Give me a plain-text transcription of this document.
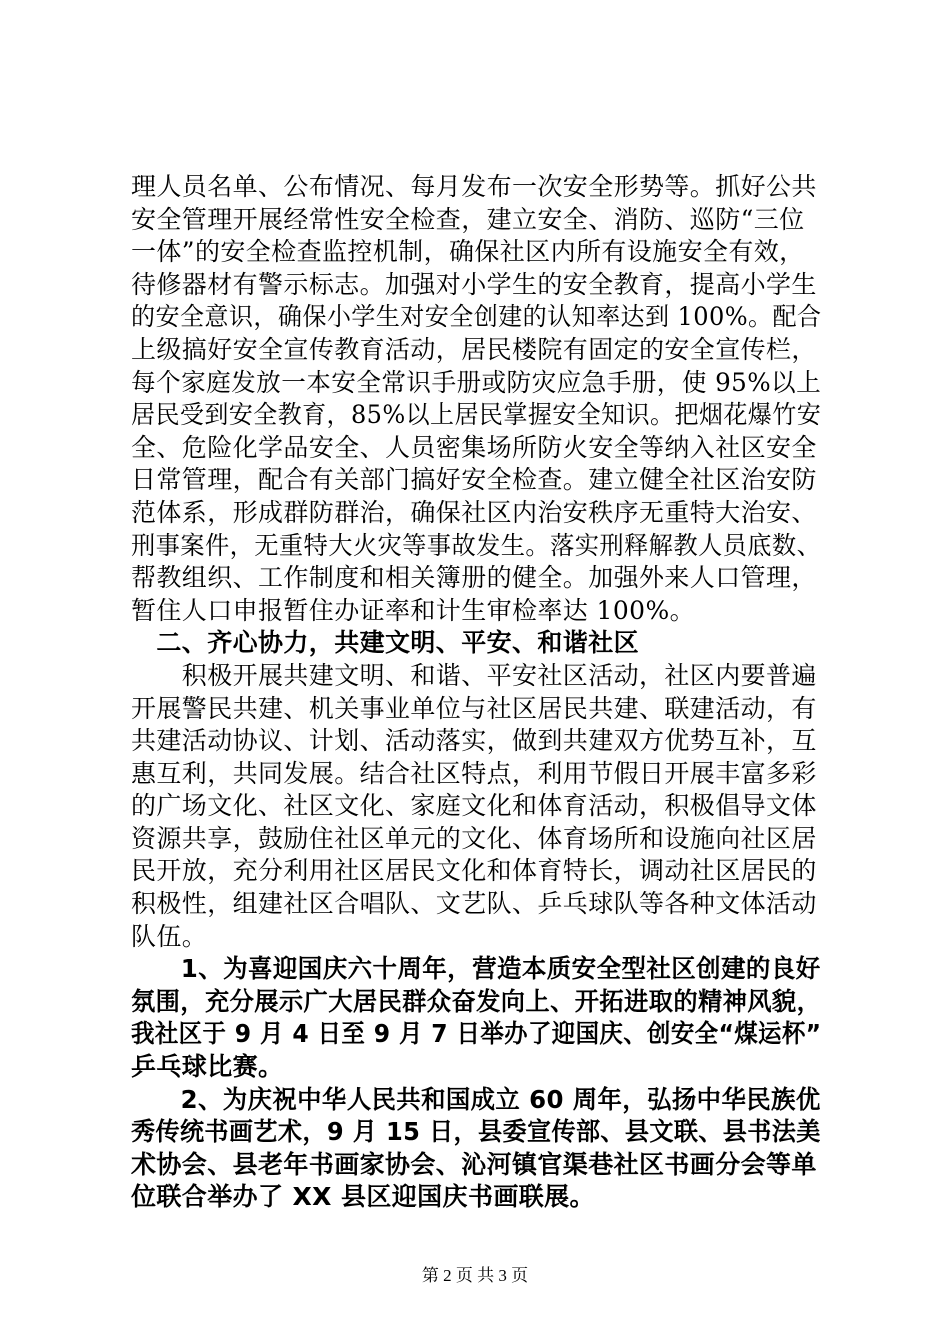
理人员名单、公布情况、每月发布一次安全形势等。抓好公共
安全管理开展经常性安全检查，建立安全、消防、巡防“三位
一体”的安全检查监控机制，确保社区内所有设施安全有效，
待修器材有警示标志。加强对小学生的安全教育，提高小学生
的安全意识，确保小学生对安全创建的认知率达到 100%。配合
上级搞好安全宣传教育活动，居民楼院有固定的安全宣传栏，
每个家庭发放一本安全常识手册或防灾应急手册，使 95%以上
居民受到安全教育，85%以上居民掌握安全知识。把烟花爆竹安
全、危险化学品安全、人员密集场所防火安全等纳入社区安全
日常管理，配合有关部门搞好安全检查。建立健全社区治安防
范体系，形成群防群治，确保社区内治安秩序无重特大治安、
刑事案件，无重特大火灾等事故发生。落实刑释解教人员底数、
帮教组织、工作制度和相关簿册的健全。加强外来人口管理，
暂住人口申报暂住办证率和计生审检率达 100%。
　二、齐心协力，共建文明、平安、和谐社区
　　积极开展共建文明、和谐、平安社区活动，社区内要普遍
开展警民共建、机关事业单位与社区居民共建、联建活动，有
共建活动协议、计划、活动落实，做到共建双方优势互补，互
惠互利，共同发展。结合社区特点，利用节假日开展丰富多彩
的广场文化、社区文化、家庭文化和体育活动，积极倡导文体
资源共享，鼓励住社区单元的文化、体育场所和设施向社区居
民开放，充分利用社区居民文化和体育特长，调动社区居民的
积极性，组建社区合唱队、文艺队、乒乓球队等各种文体活动
队伍。
　　1、为喜迎国庆六十周年，营造本质安全型社区创建的良好
氛围，充分展示广大居民群众奋发向上、开拓进取的精神风貌，
我社区于 9 月 4 日至 9 月 7 日举办了迎国庆、创安全“煤运杯”
乒乓球比赛。
　　2、为庆祝中华人民共和国成立 60 周年，弘扬中华民族优
秀传统书画艺术，9 月 15 日，县委宣传部、县文联、县书法美
术协会、县老年书画家协会、沁河镇官渠巷社区书画分会等单
位联合举办了 XX 县区迎国庆书画联展。
第 2 页 共 3 页
